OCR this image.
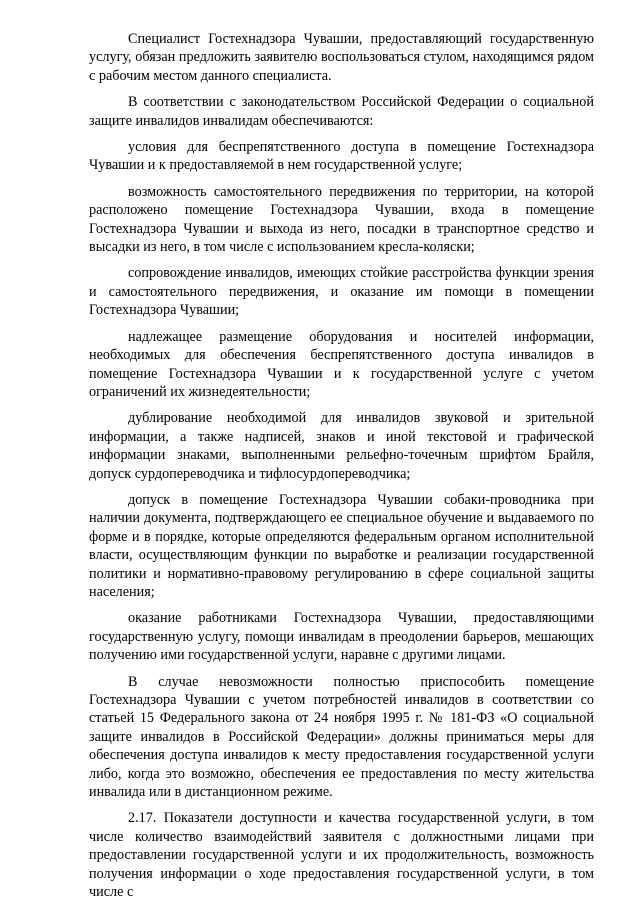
Специалист Гостехнадзора Чувашии, предоставляющий государственную услугу, обязан предложить заявителю воспользоваться стулом, находящимся рядом с рабочим местом данного специалиста.

В соответствии с законодательством Российской Федерации о социальной защите инвалидов инвалидам обеспечиваются:

условия для беспрепятственного доступа в помещение Гостехнадзора Чувашии и к предоставляемой в нем государственной услуге;

возможность самостоятельного передвижения по территории, на которой расположено помещение Гостехнадзора Чувашии, входа в помещение Гостехнадзора Чувашии и выхода из него, посадки в транспортное средство и высадки из него, в том числе с использованием кресла-коляски;

сопровождение инвалидов, имеющих стойкие расстройства функции зрения и самостоятельного передвижения, и оказание им помощи в помещении Гостехнадзора Чувашии;

надлежащее размещение оборудования и носителей информации, необходимых для обеспечения беспрепятственного доступа инвалидов в помещение Гостехнадзора Чувашии и к государственной услуге с учетом ограничений их жизнедеятельности;

дублирование необходимой для инвалидов звуковой и зрительной информации, а также надписей, знаков и иной текстовой и графической информации знаками, выполненными рельефно-точечным шрифтом Брайля, допуск сурдопереводчика и тифлосурдопереводчика;

допуск в помещение Гостехнадзора Чувашии собаки-проводника при наличии документа, подтверждающего ее специальное обучение и выдаваемого по форме и в порядке, которые определяются федеральным органом исполнительной власти, осуществляющим функции по выработке и реализации государственной политики и нормативно-правовому регулированию в сфере социальной защиты населения;

оказание работниками Гостехнадзора Чувашии, предоставляющими государственную услугу, помощи инвалидам в преодолении барьеров, мешающих получению ими государственной услуги, наравне с другими лицами.

В случае невозможности полностью приспособить помещение Гостехнадзора Чувашии с учетом потребностей инвалидов в соответствии со статьей 15 Федерального закона от 24 ноября 1995 г. № 181-ФЗ «О социальной защите инвалидов в Российской Федерации» должны приниматься меры для обеспечения доступа инвалидов к месту предоставления государственной услуги либо, когда это возможно, обеспечения ее предоставления по месту жительства инвалида или в дистанционном режиме.

2.17. Показатели доступности и качества государственной услуги, в том числе количество взаимодействий заявителя с должностными лицами при предоставлении государственной услуги и их продолжительность, возможность получения информации о ходе предоставления государственной услуги, в том числе с
